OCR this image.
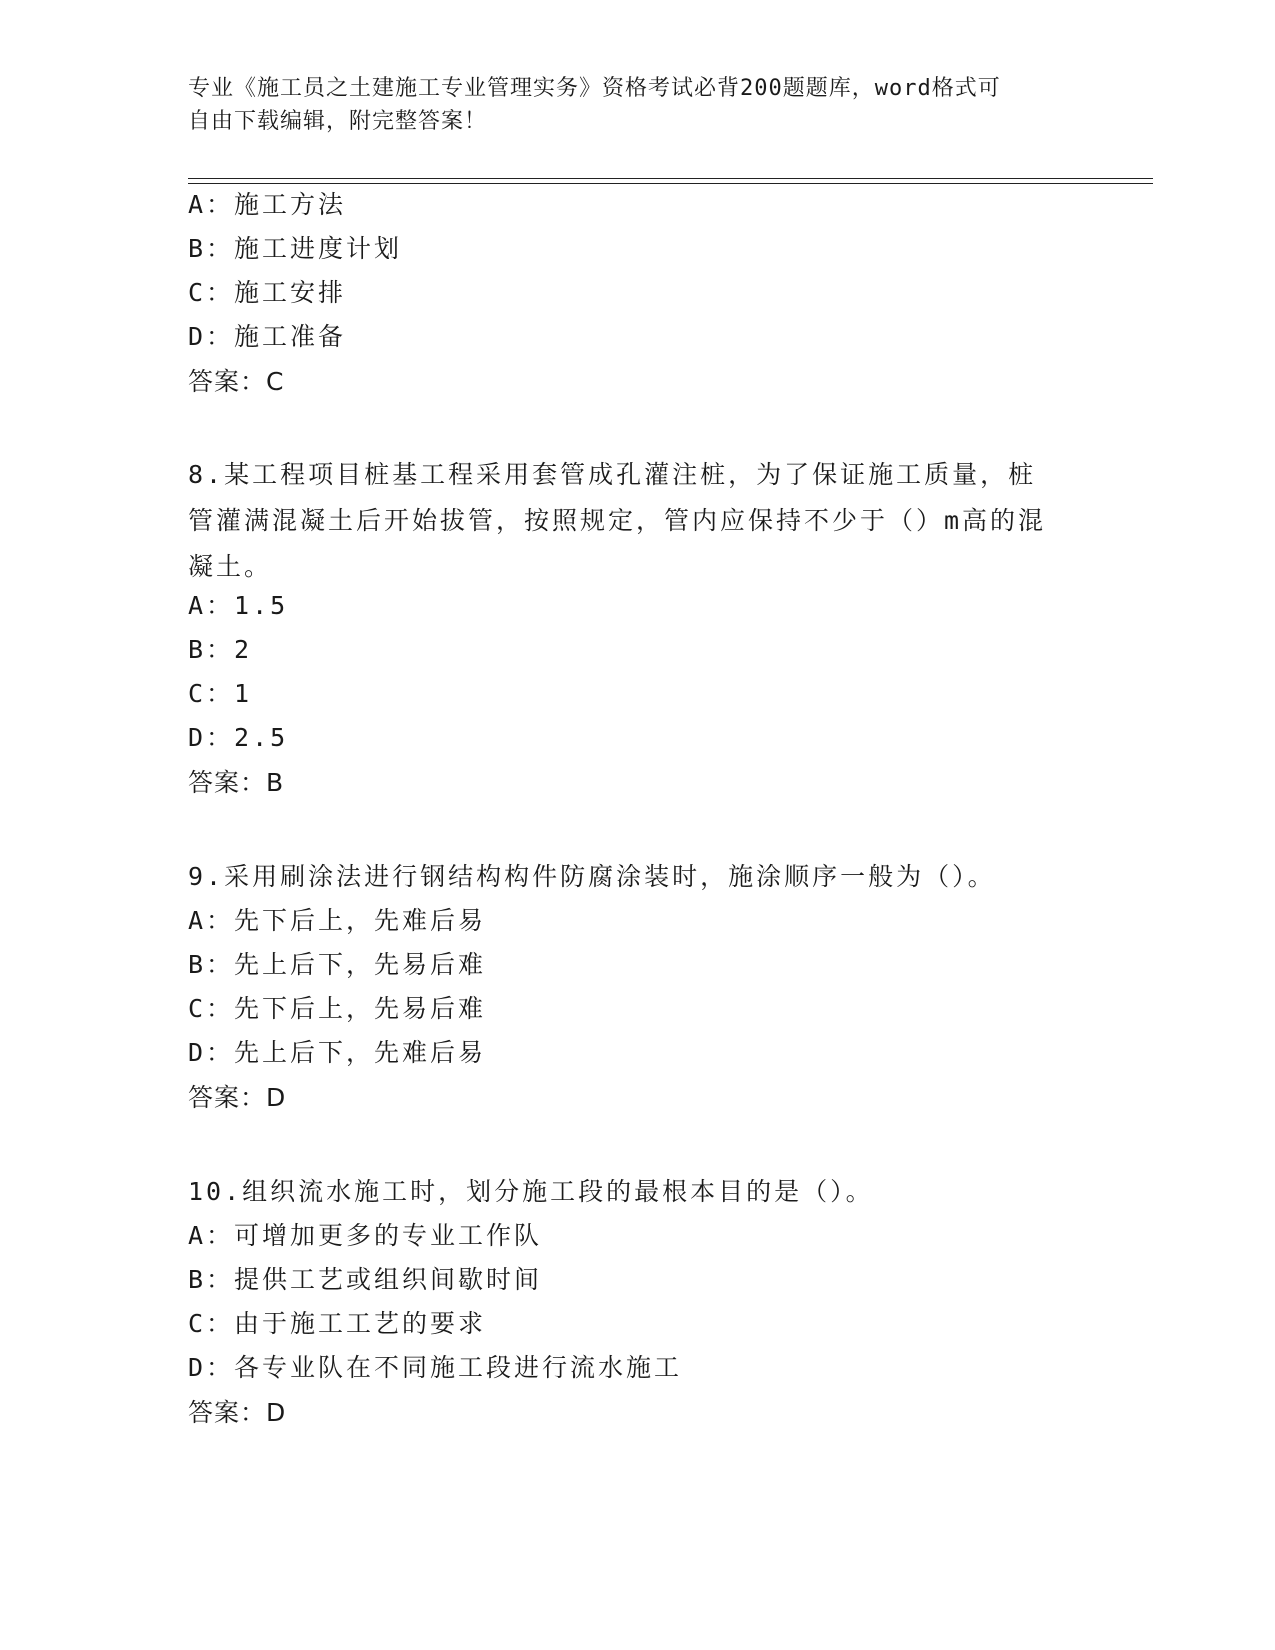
专业《施工员之土建施工专业管理实务》资格考试必背200题题库，word格式可
自由下载编辑，附完整答案！
A：施工方法
B：施工进度计划
C：施工安排
D：施工准备
答案：C
8.某工程项目桩基工程采用套管成孔灌注桩，为了保证施工质量，桩
管灌满混凝土后开始拔管，按照规定，管内应保持不少于（）m高的混
凝土。
A：1.5
B：2
C：1
D：2.5
答案：B
9.采用刷涂法进行钢结构构件防腐涂装时，施涂顺序一般为（）。
A：先下后上，先难后易
B：先上后下，先易后难
C：先下后上，先易后难
D：先上后下，先难后易
答案：D
10.组织流水施工时，划分施工段的最根本目的是（）。
A：可增加更多的专业工作队
B：提供工艺或组织间歇时间
C：由于施工工艺的要求
D：各专业队在不同施工段进行流水施工
答案：D
